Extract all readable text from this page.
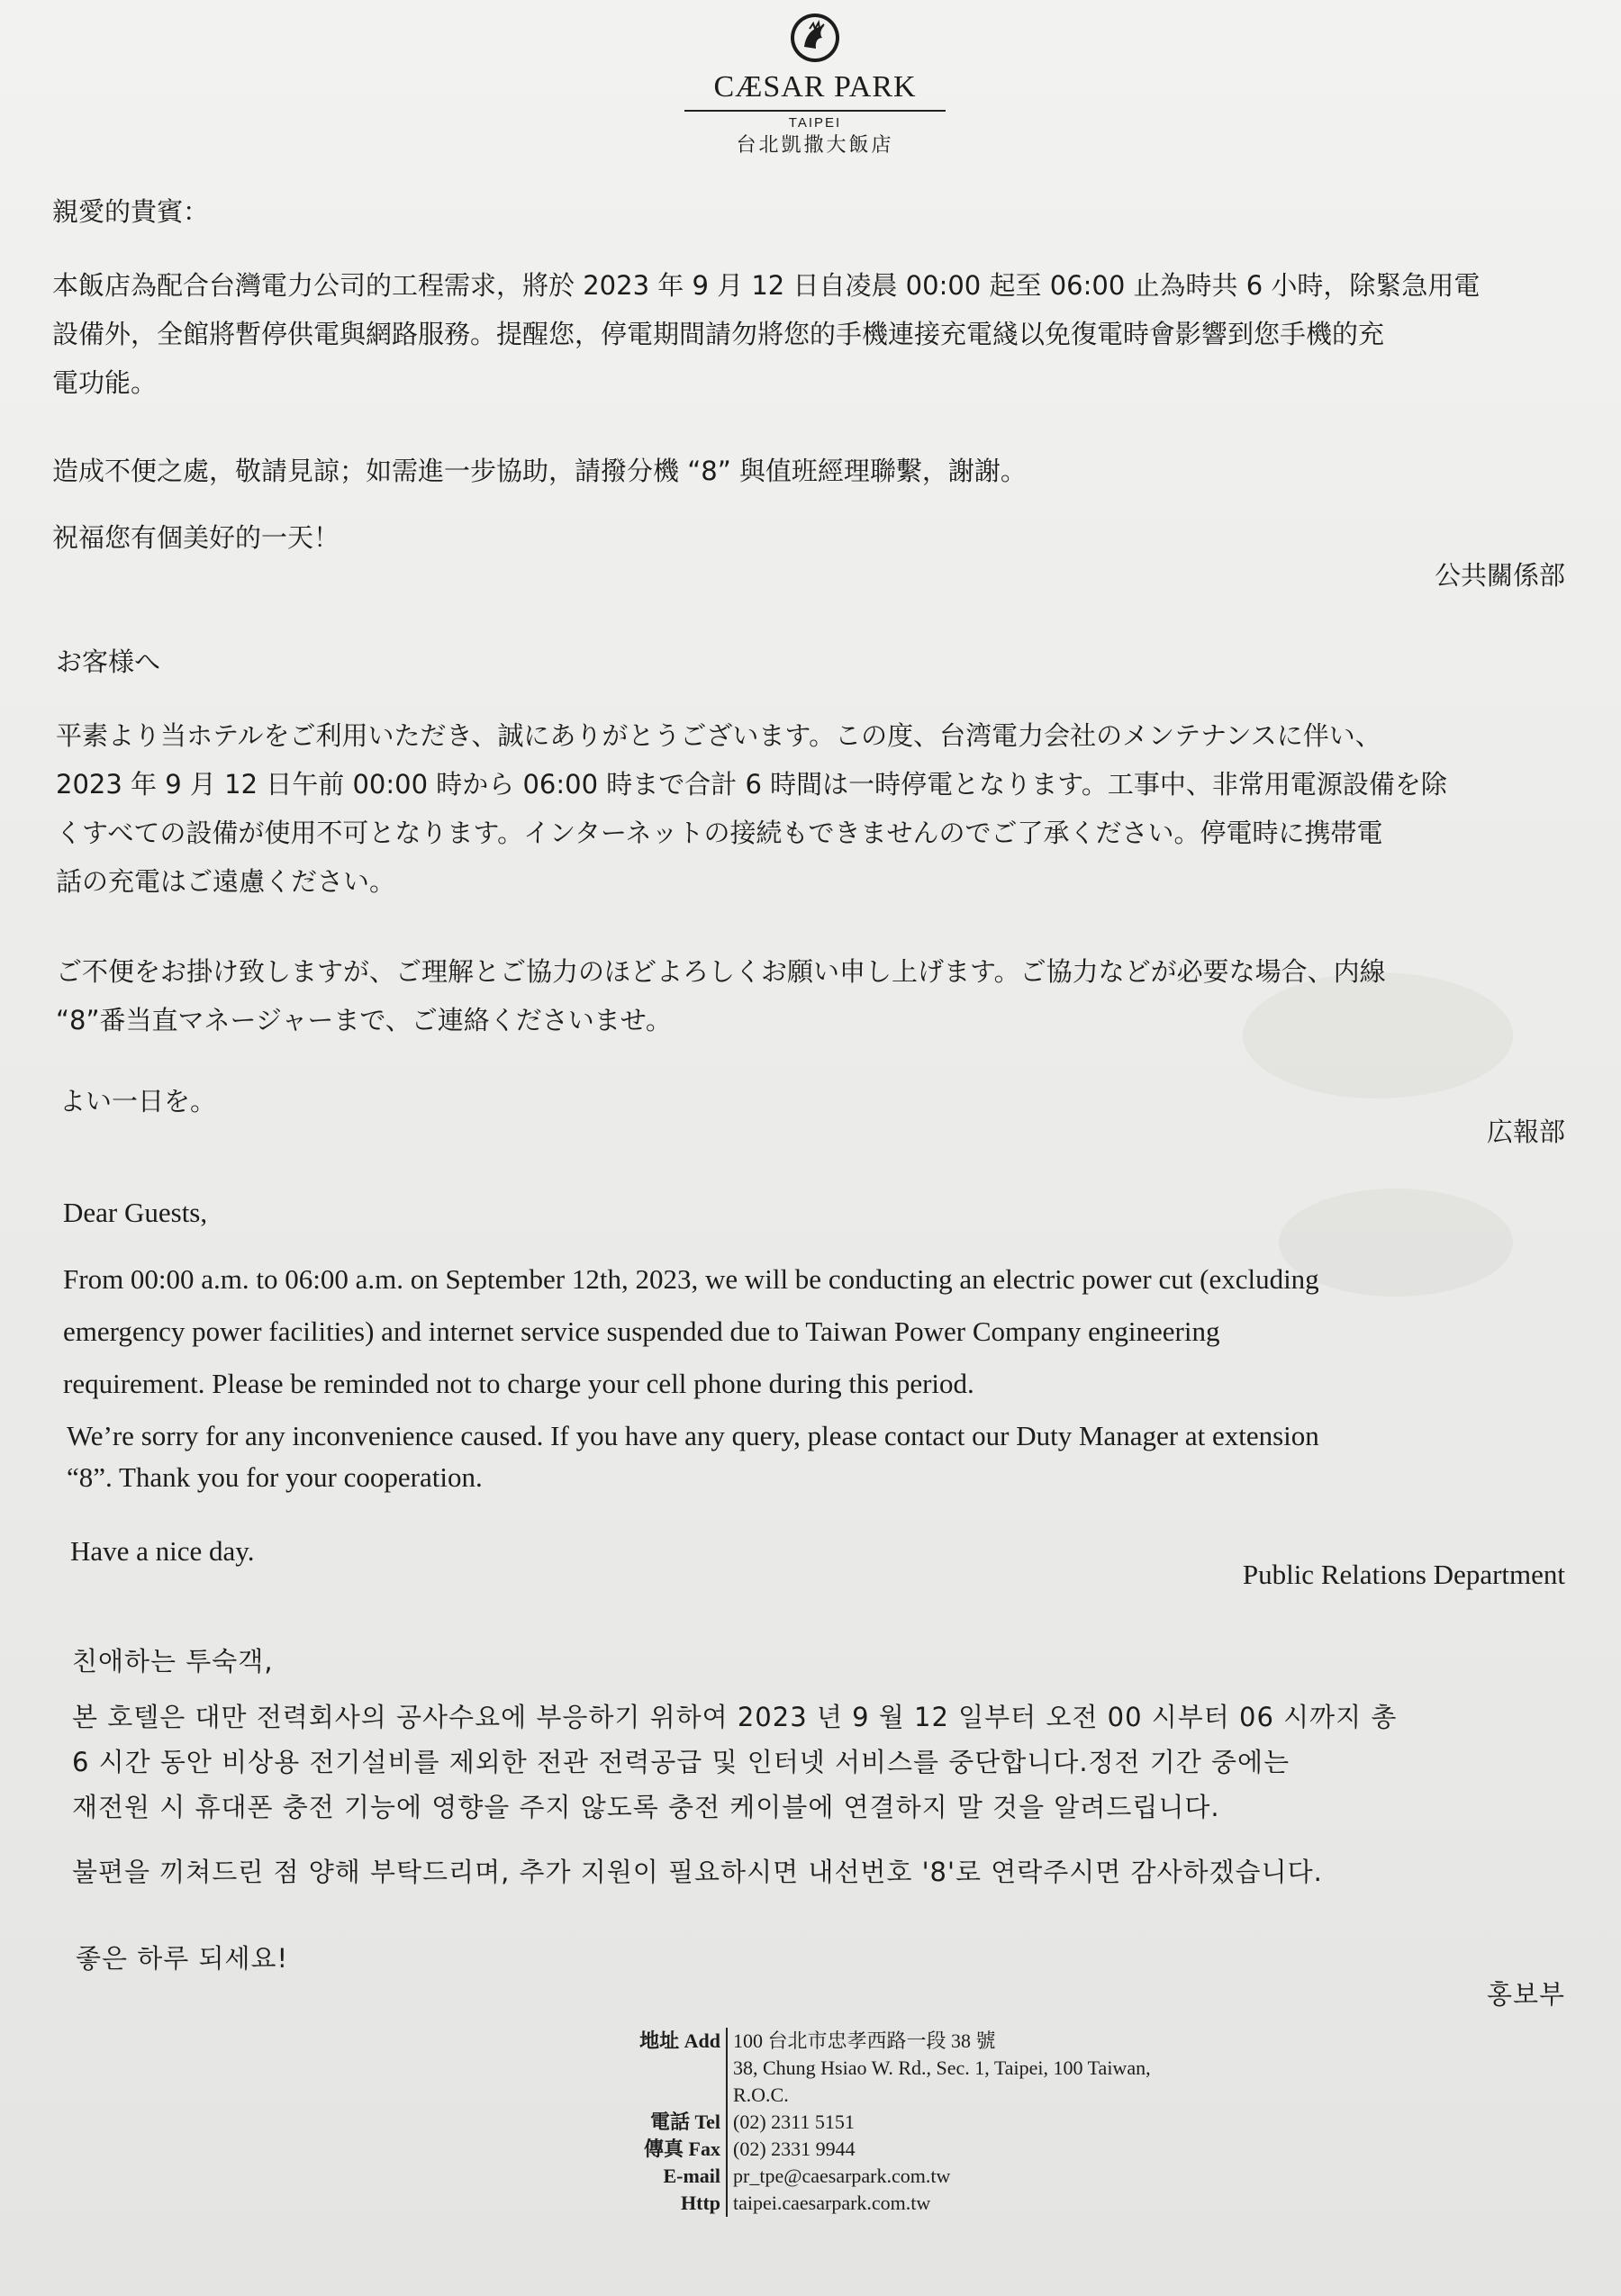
CÆSAR PARK
TAIPEI
台北凱撒大飯店
親愛的貴賓：
本飯店為配合台灣電力公司的工程需求，將於 2023 年 9 月 12 日自凌晨 00:00 起至 06:00 止為時共 6 小時，除緊急用電
設備外，全館將暫停供電與網路服務。提醒您，停電期間請勿將您的手機連接充電綫以免復電時會影響到您手機的充
電功能。
造成不便之處，敬請見諒；如需進一步協助，請撥分機 “8” 與值班經理聯繫，謝謝。
祝福您有個美好的一天！
公共關係部
お客様へ
平素より当ホテルをご利用いただき、誠にありがとうございます。この度、台湾電力会社のメンテナンスに伴い、
2023 年 9 月 12 日午前 00:00 時から 06:00 時まで合計 6 時間は一時停電となります。工事中、非常用電源設備を除
くすべての設備が使用不可となります。インターネットの接続もできませんのでご了承ください。停電時に携帯電
話の充電はご遠慮ください。
ご不便をお掛け致しますが、ご理解とご協力のほどよろしくお願い申し上げます。ご協力などが必要な場合、内線
“8”番当直マネージャーまで、ご連絡くださいませ。
よい一日を。
広報部
Dear Guests,
From 00:00 a.m. to 06:00 a.m. on September 12th, 2023, we will be conducting an electric power cut (excluding
emergency power facilities) and internet service suspended due to Taiwan Power Company engineering
requirement. Please be reminded not to charge your cell phone during this period.
We’re sorry for any inconvenience caused. If you have any query, please contact our Duty Manager at extension
“8”. Thank you for your cooperation.
Have a nice day.
Public Relations Department
친애하는 투숙객,
본 호텔은 대만 전력회사의 공사수요에 부응하기 위하여 2023 년 9 월 12 일부터 오전 00 시부터 06 시까지 총
6 시간 동안 비상용 전기설비를 제외한 전관 전력공급 및 인터넷 서비스를 중단합니다.정전 기간 중에는
재전원 시 휴대폰 충전 기능에 영향을 주지 않도록 충전 케이블에 연결하지 말 것을 알려드립니다.
불편을 끼쳐드린 점 양해 부탁드리며, 추가 지원이 필요하시면 내선번호 '8'로 연락주시면 감사하겠습니다.
좋은 하루 되세요!
홍보부
地址 Add 100 台北市忠孝西路一段 38 號
38, Chung Hsiao W. Rd., Sec. 1, Taipei, 100 Taiwan,
R.O.C.
電話 Tel (02) 2311 5151
傳真 Fax (02) 2331 9944
E-mail pr_tpe@caesarpark.com.tw
Http taipei.caesarpark.com.tw
